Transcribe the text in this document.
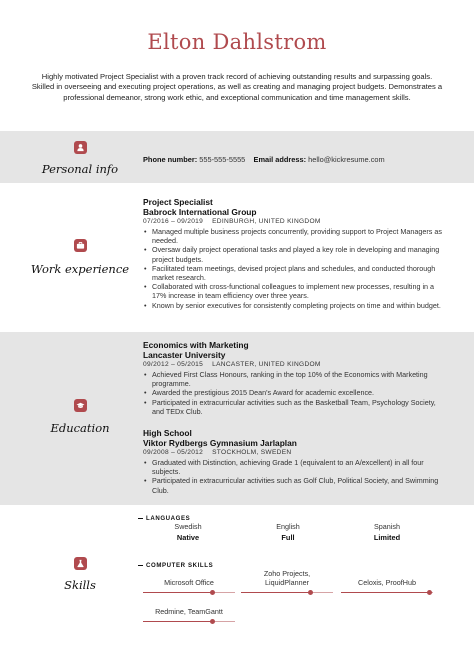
Elton Dahlstrom
Highly motivated Project Specialist with a proven track record of achieving outstanding results and surpassing goals. Skilled in overseeing and executing project operations, as well as creating and managing project budgets. Demonstrates a professional demeanor, strong work ethic, and exceptional communication and time management skills.
Personal info
Phone number: 555-555-5555 Email address: hello@kickresume.com
Work experience
Project Specialist
Babrock International Group
07/2016 – 09/2019 EDINBURGH, UNITED KINGDOM
• Managed multiple business projects concurrently, providing support to Project Managers as needed.
• Oversaw daily project operational tasks and played a key role in developing and managing project budgets.
• Facilitated team meetings, devised project plans and schedules, and conducted thorough market research.
• Collaborated with cross-functional colleagues to implement new processes, resulting in a 17% increase in team efficiency over three years.
• Known by senior executives for consistently completing projects on time and within budget.
Education
Economics with Marketing
Lancaster University
09/2012 – 05/2015 LANCASTER, UNITED KINGDOM
• Achieved First Class Honours, ranking in the top 10% of the Economics with Marketing programme.
• Awarded the prestigious 2015 Dean's Award for academic excellence.
• Participated in extracurricular activities such as the Basketball Team, Psychology Society, and TEDx Club.
High School
Viktor Rydbergs Gymnasium Jarlaplan
09/2008 – 05/2012 STOCKHOLM, SWEDEN
• Graduated with Distinction, achieving Grade 1 (equivalent to an A/excellent) in all four subjects.
• Participated in extracurricular activities such as Golf Club, Political Society, and Swimming Club.
Skills
LANGUAGES
Swedish
Native
English
Full
Spanish
Limited
COMPUTER SKILLS
Microsoft Office
Zoho Projects, LiquidPlanner	Celoxis, ProofHub
Redmine, TeamGantt
